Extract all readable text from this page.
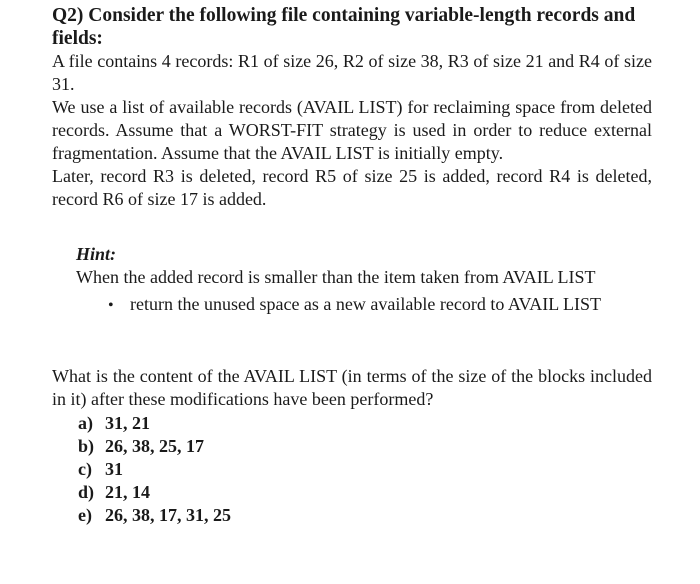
Q2) Consider the following file containing variable-length records and fields:

A file contains 4 records: R1 of size 26, R2 of size 38, R3 of size 21 and R4 of size 31.

We use a list of available records (AVAIL LIST) for reclaiming space from deleted records. Assume that a WORST-FIT strategy is used in order to reduce external fragmentation. Assume that the AVAIL LIST is initially empty.

Later, record R3 is deleted, record R5 of size 25 is added, record R4 is deleted, record R6 of size 17 is added.

Hint:

When the added record is smaller than the item taken from AVAIL LIST

• return the unused space as a new available record to AVAIL LIST

What is the content of the AVAIL LIST (in terms of the size of the blocks included in it) after these modifications have been performed?

a) 31, 21
b) 26, 38, 25, 17
c) 31
d) 21, 14
e) 26, 38, 17, 31, 25
